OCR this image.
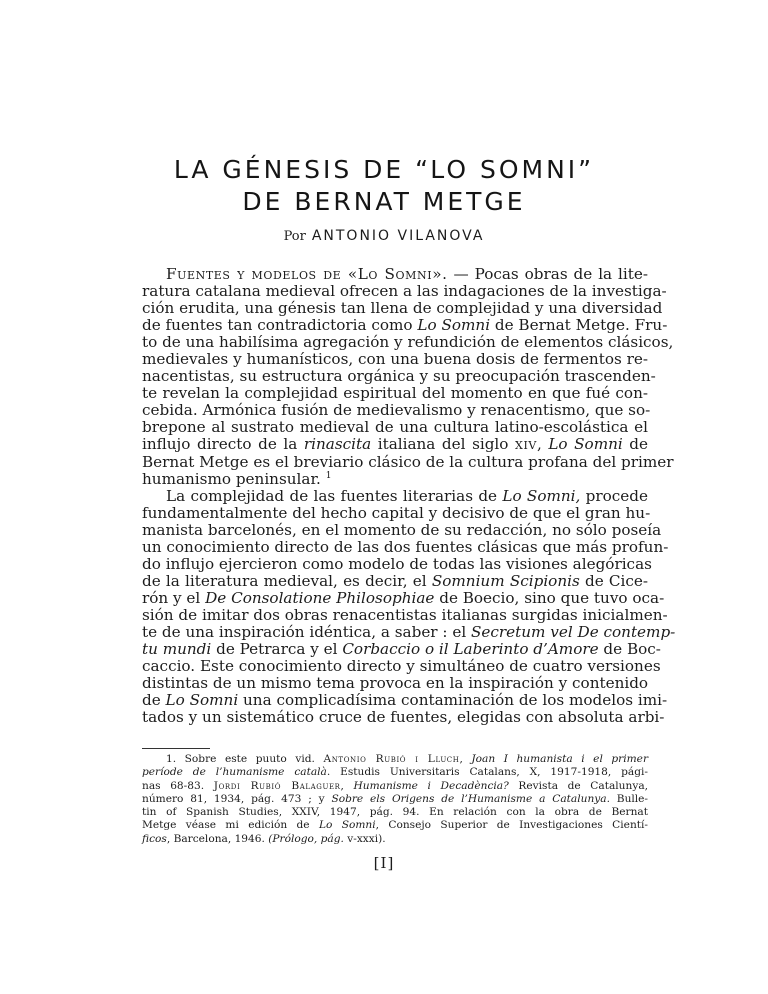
LA GÉNESIS DE “LO SOMNI”
DE BERNAT METGE
Por ANTONIO VILANOVA
Fuentes y modelos de «Lo Somni». — Pocas obras de la lite-
ratura catalana medieval ofrecen a las indagaciones de la investiga-
ción erudita, una génesis tan llena de complejidad y una diversidad
de fuentes tan contradictoria como Lo Somni de Bernat Metge. Fru-
to de una habilísima agregación y refundición de elementos clásicos,
medievales y humanísticos, con una buena dosis de fermentos re-
nacentistas, su estructura orgánica y su preocupación trascenden-
te revelan la complejidad espiritual del momento en que fué con-
cebida. Armónica fusión de medievalismo y renacentismo, que so-
brepone al sustrato medieval de una cultura latino-escolástica el
influjo directo de la rinascita italiana del siglo xiv, Lo Somni de
Bernat Metge es el breviario clásico de la cultura profana del primer
humanismo peninsular. $^1$
La complejidad de las fuentes literarias de Lo Somni, procede
fundamentalmente del hecho capital y decisivo de que el gran hu-
manista barcelonés, en el momento de su redacción, no sólo poseía
un conocimiento directo de las dos fuentes clásicas que más profun-
do influjo ejercieron como modelo de todas las visiones alegóricas
de la literatura medieval, es decir, el Somnium Scipionis de Cice-
rón y el De Consolatione Philosophiae de Boecio, sino que tuvo oca-
sión de imitar dos obras renacentistas italianas surgidas inicialmen-
te de una inspiración idéntica, a saber : el Secretum vel De contemp-
tu mundi de Petrarca y el Corbaccio o il Laberinto d’Amore de Boc-
caccio. Este conocimiento directo y simultáneo de cuatro versiones
distintas de un mismo tema provoca en la inspiración y contenido
de Lo Somni una complicadísima contaminación de los modelos imi-
tados y un sistemático cruce de fuentes, elegidas con absoluta arbi-
1. Sobre este puuto vid. Antonio Rubió i Lluch, Joan I humanista i el primer
període de l’humanisme català. Estudis Universitaris Catalans, X, 1917-1918, pági-
nas 68-83. Jordi Rubió Balaguer, Humanisme i Decadència? Revista de Catalunya,
número 81, 1934, pág. 473 ; y Sobre els Origens de l’Humanisme a Catalunya. Bulle-
tin of Spanish Studies, XXIV, 1947, pág. 94. En relación con la obra de Bernat
Metge véase mi edición de Lo Somni, Consejo Superior de Investigaciones Cientí-
ficos, Barcelona, 1946. (Prólogo, pág. v-xxxi).
[I]
